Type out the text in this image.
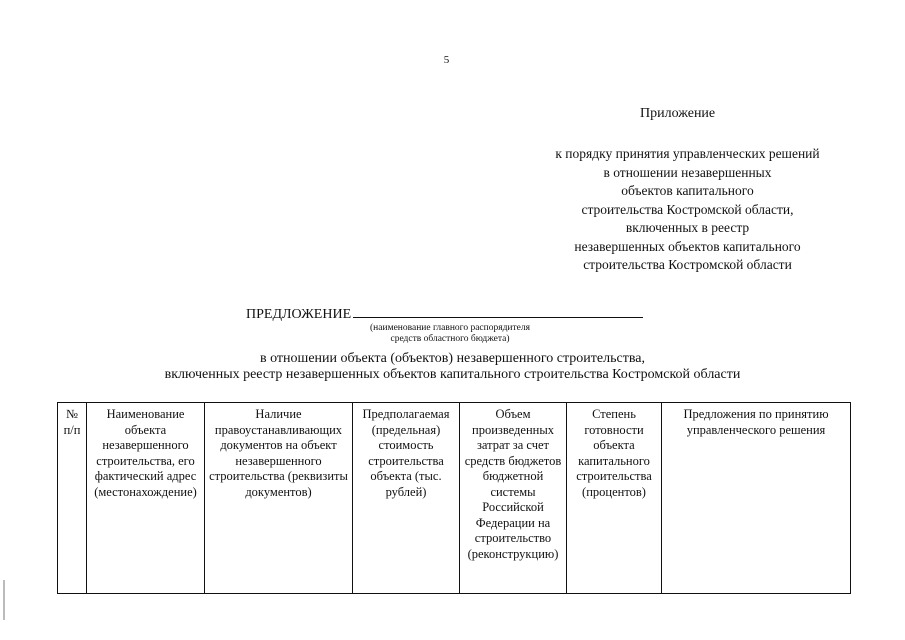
5
Приложение
к порядку принятия управленческих решений
в отношении незавершенных
объектов капитального
строительства Костромской области,
включенных в реестр
незавершенных объектов капитального
строительства Костромской области
ПРЕДЛОЖЕНИЕ
(наименование главного распорядителя
средств областного бюджета)
в отношении объекта (объектов) незавершенного строительства,
включенных реестр незавершенных объектов капитального строительства Костромской области
№ п/п	Наименование объекта незавершенного строительства, его фактический адрес (местонахождение)	Наличие правоустанавливающих документов на объект незавершенного строительства (реквизиты документов)	Предполагаемая (предельная) стоимость строительства объекта (тыс. рублей)	Объем произведенных затрат за счет средств бюджетов бюджетной системы Российской Федерации на строительство (реконструкцию)	Степень готовности объекта капитального строительства (процентов)	Предложения по принятию управленческого решения
